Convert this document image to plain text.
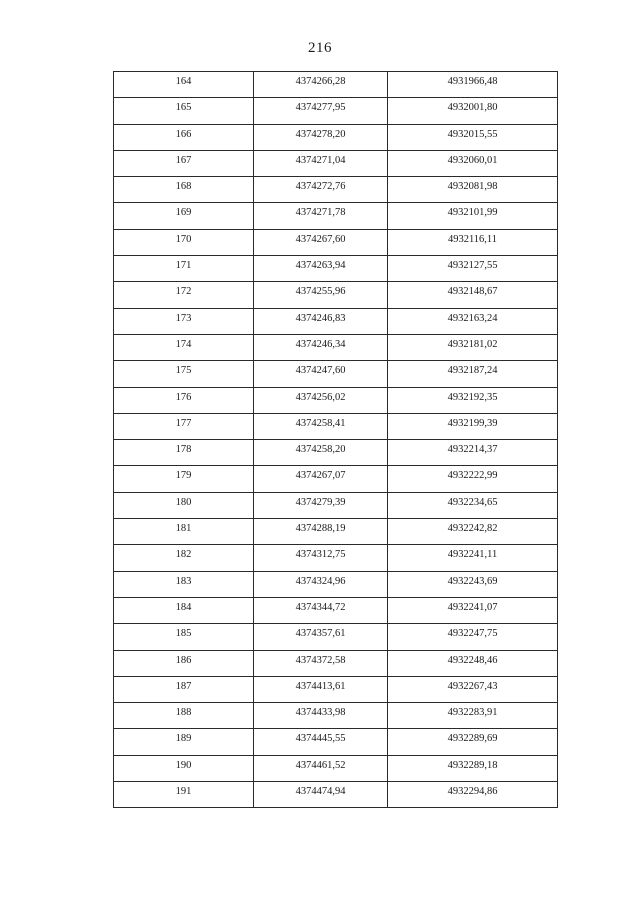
216
164	4374266,28	4931966,48
165	4374277,95	4932001,80
166	4374278,20	4932015,55
167	4374271,04	4932060,01
168	4374272,76	4932081,98
169	4374271,78	4932101,99
170	4374267,60	4932116,11
171	4374263,94	4932127,55
172	4374255,96	4932148,67
173	4374246,83	4932163,24
174	4374246,34	4932181,02
175	4374247,60	4932187,24
176	4374256,02	4932192,35
177	4374258,41	4932199,39
178	4374258,20	4932214,37
179	4374267,07	4932222,99
180	4374279,39	4932234,65
181	4374288,19	4932242,82
182	4374312,75	4932241,11
183	4374324,96	4932243,69
184	4374344,72	4932241,07
185	4374357,61	4932247,75
186	4374372,58	4932248,46
187	4374413,61	4932267,43
188	4374433,98	4932283,91
189	4374445,55	4932289,69
190	4374461,52	4932289,18
191	4374474,94	4932294,86
